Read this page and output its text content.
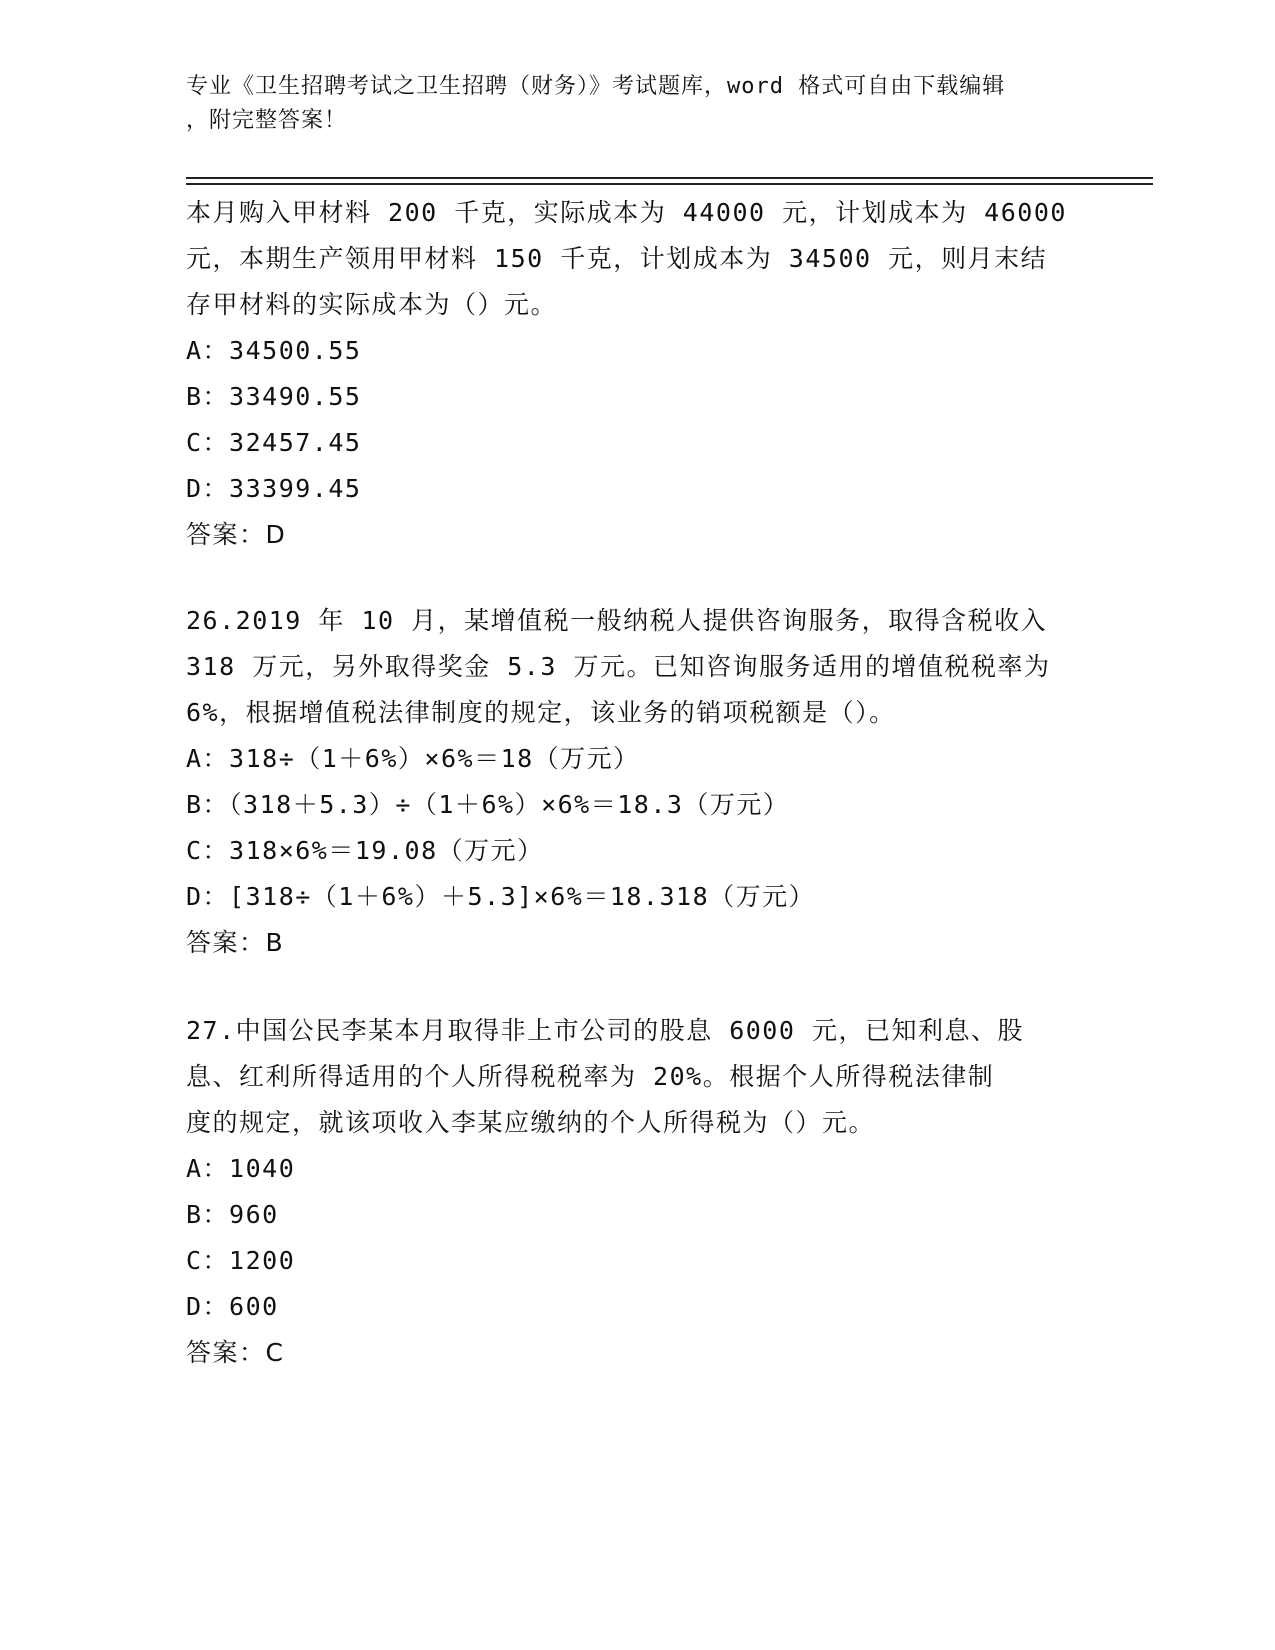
专业《卫生招聘考试之卫生招聘（财务）》考试题库，word 格式可自由下载编辑
，附完整答案！
本月购入甲材料 200 千克，实际成本为 44000 元，计划成本为 46000
元，本期生产领用甲材料 150 千克，计划成本为 34500 元，则月末结
存甲材料的实际成本为（）元。
A：34500.55
B：33490.55
C：32457.45
D：33399.45
答案：D
26.2019 年 10 月，某增值税一般纳税人提供咨询服务，取得含税收入
318 万元，另外取得奖金 5.3 万元。已知咨询服务适用的增值税税率为
6%，根据增值税法律制度的规定，该业务的销项税额是（）。
A：318÷（1＋6%）×6%＝18（万元）
B：（318＋5.3）÷（1＋6%）×6%＝18.3（万元）
C：318×6%＝19.08（万元）
D：[318÷（1＋6%）＋5.3]×6%＝18.318（万元）
答案：B
27.中国公民李某本月取得非上市公司的股息 6000 元，已知利息、股
息、红利所得适用的个人所得税税率为 20%。根据个人所得税法律制
度的规定，就该项收入李某应缴纳的个人所得税为（）元。
A：1040
B：960
C：1200
D：600
答案：C
